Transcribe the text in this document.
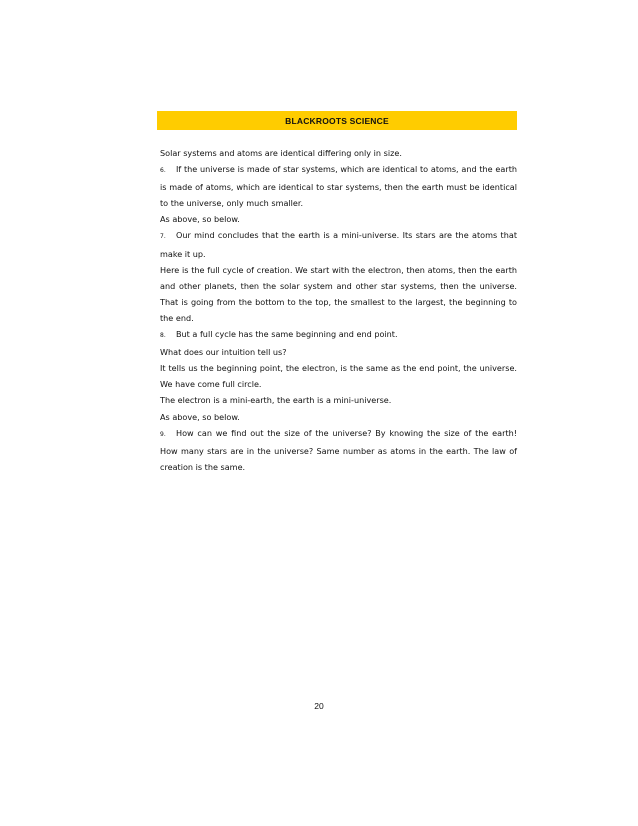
BLACKROOTS SCIENCE

Solar systems and atoms are identical differing only in size.

6. If the universe is made of star systems, which are identical to atoms, and the earth is made of atoms, which are identical to star systems, then the earth must be identical to the universe, only much smaller.

As above, so below.

7. Our mind concludes that the earth is a mini-universe. Its stars are the atoms that make it up.

Here is the full cycle of creation. We start with the electron, then atoms, then the earth and other planets, then the solar system and other star systems, then the universe. That is going from the bottom to the top, the smallest to the largest, the beginning to the end.

8. But a full cycle has the same beginning and end point.

What does our intuition tell us?

It tells us the beginning point, the electron, is the same as the end point, the universe. We have come full circle.

The electron is a mini-earth, the earth is a mini-universe.

As above, so below.

9. How can we find out the size of the universe? By knowing the size of the earth! How many stars are in the universe? Same number as atoms in the earth. The law of creation is the same.

20
